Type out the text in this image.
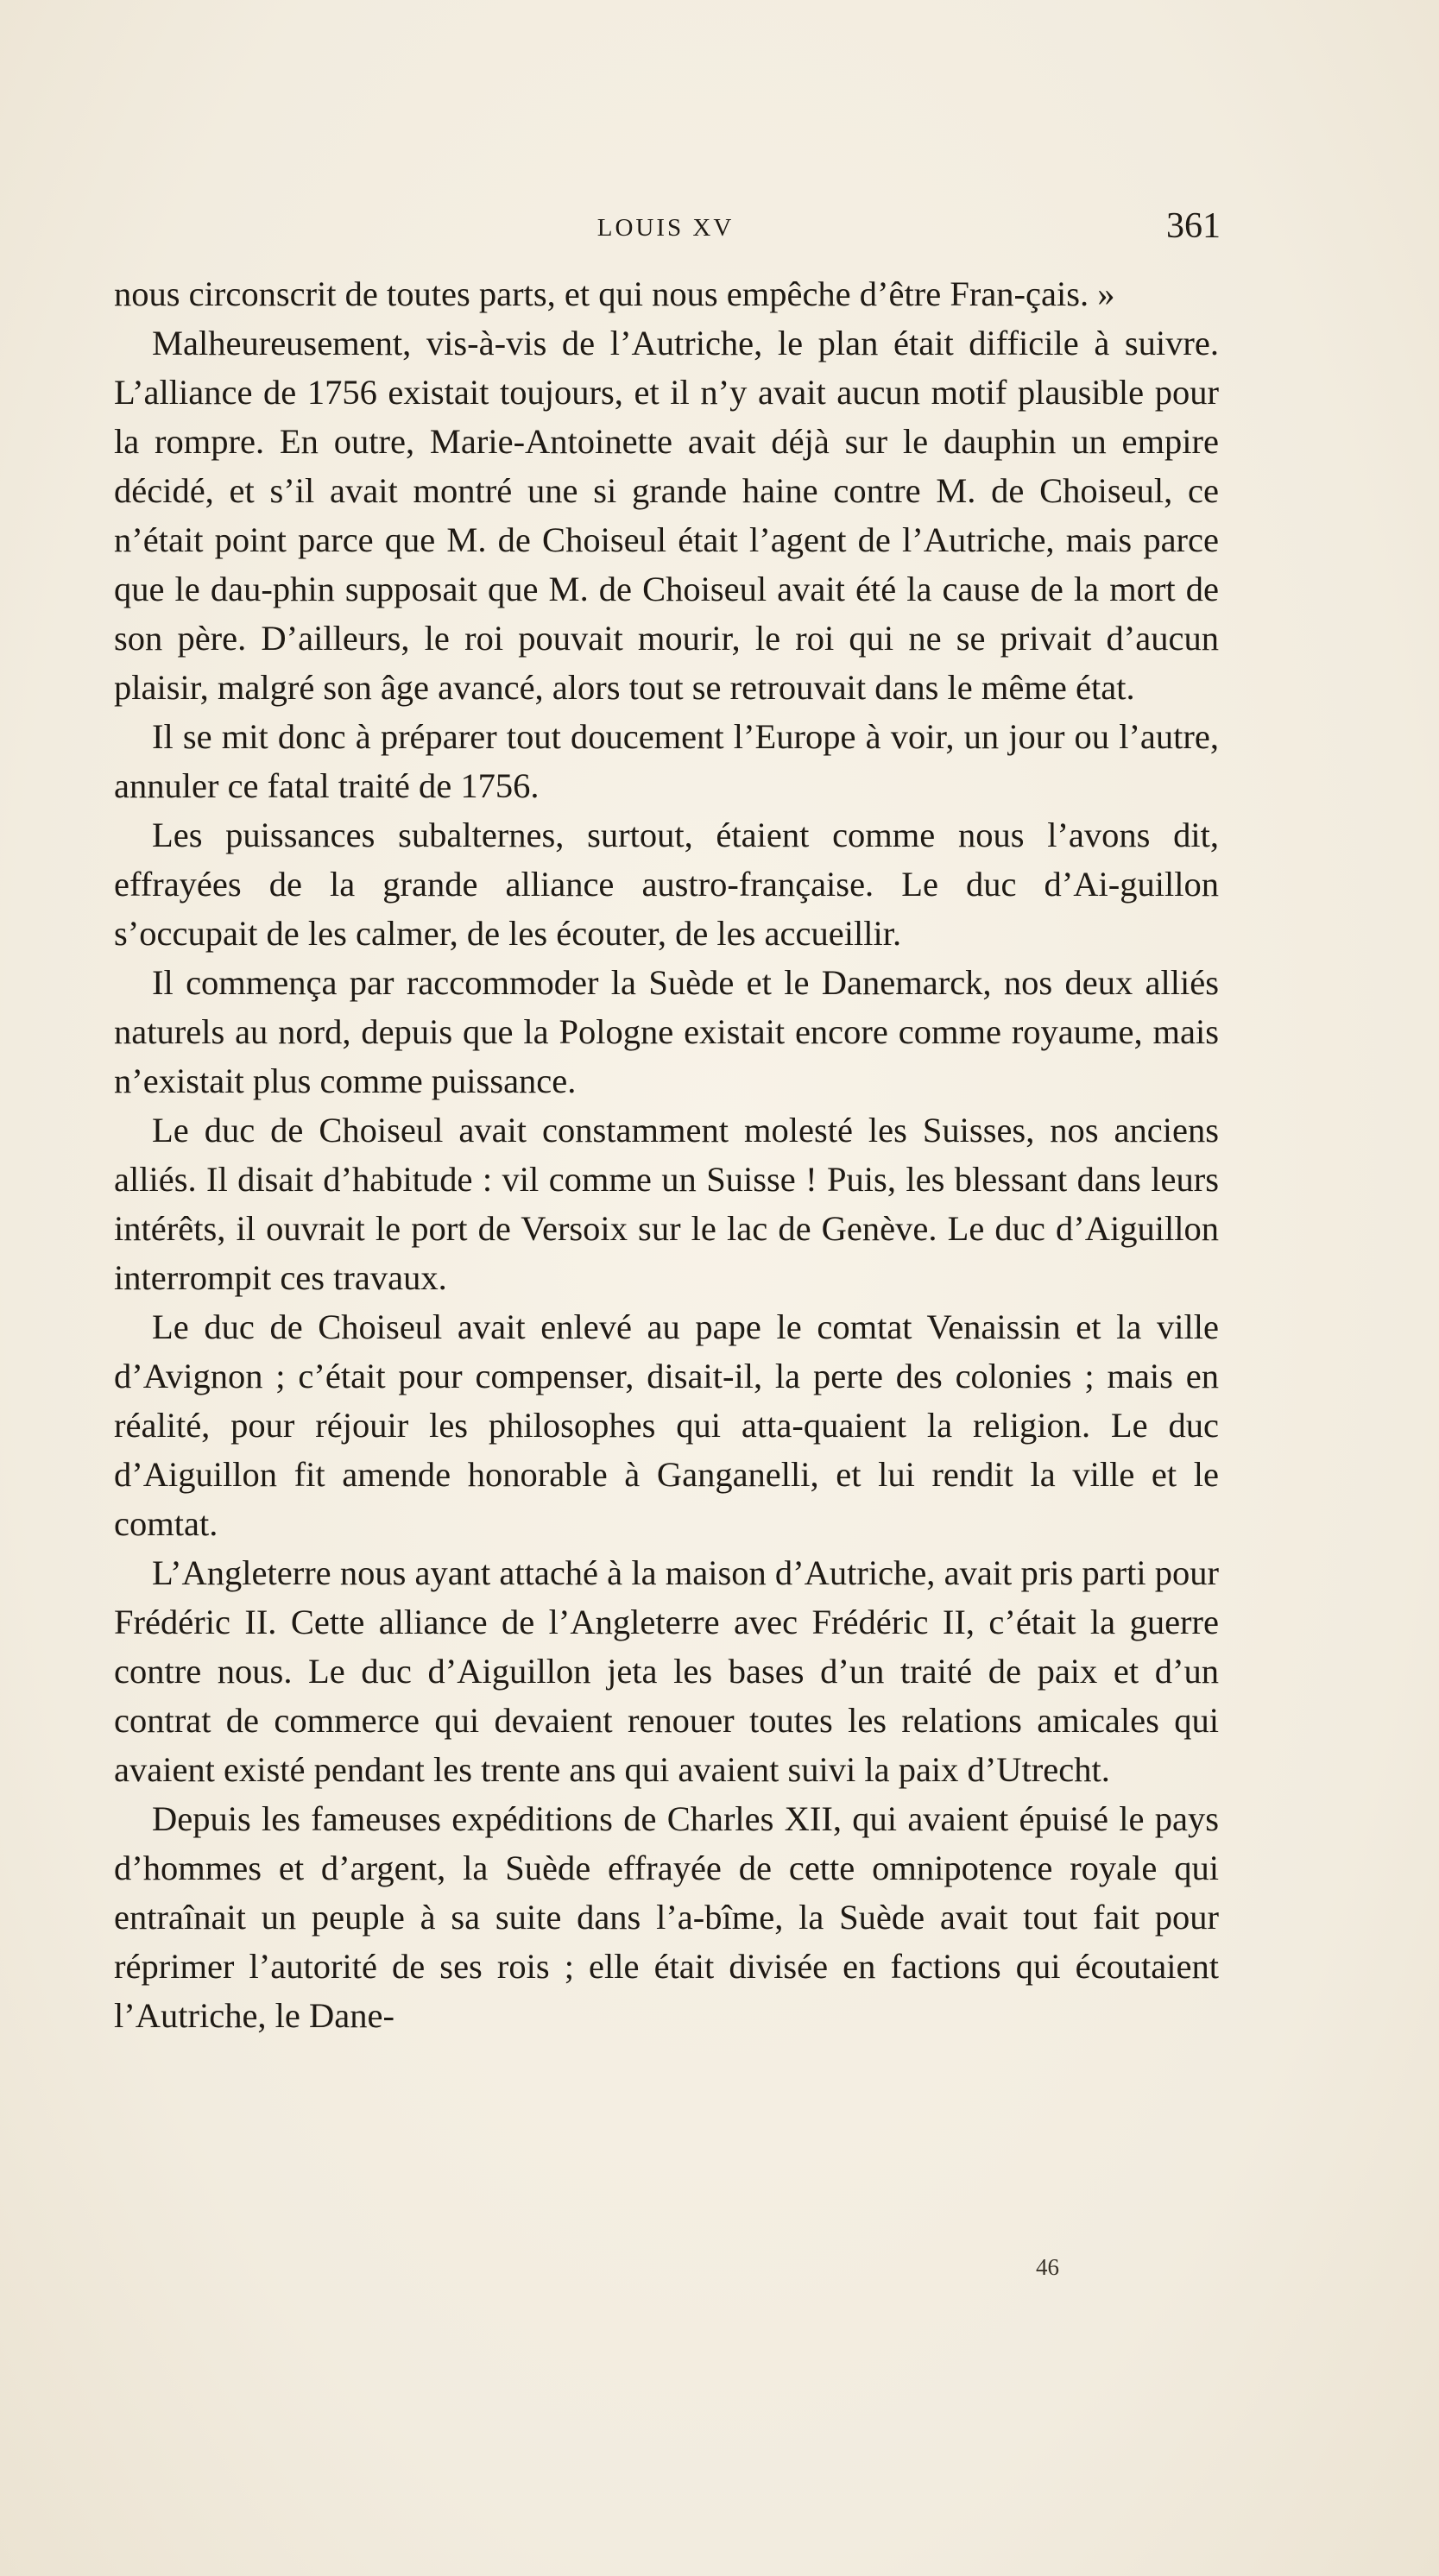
LOUIS XV	361

nous circonscrit de toutes parts, et qui nous empêche d’être Fran-çais. »

Malheureusement, vis-à-vis de l’Autriche, le plan était difficile à suivre. L’alliance de 1756 existait toujours, et il n’y avait aucun motif plausible pour la rompre. En outre, Marie-Antoinette avait déjà sur le dauphin un empire décidé, et s’il avait montré une si grande haine contre M. de Choiseul, ce n’était point parce que M. de Choiseul était l’agent de l’Autriche, mais parce que le dau-phin supposait que M. de Choiseul avait été la cause de la mort de son père. D’ailleurs, le roi pouvait mourir, le roi qui ne se privait d’aucun plaisir, malgré son âge avancé, alors tout se retrouvait dans le même état.

Il se mit donc à préparer tout doucement l’Europe à voir, un jour ou l’autre, annuler ce fatal traité de 1756.

Les puissances subalternes, surtout, étaient comme nous l’avons dit, effrayées de la grande alliance austro-française. Le duc d’Ai-guillon s’occupait de les calmer, de les écouter, de les accueillir.

Il commença par raccommoder la Suède et le Danemarck, nos deux alliés naturels au nord, depuis que la Pologne existait encore comme royaume, mais n’existait plus comme puissance.

Le duc de Choiseul avait constamment molesté les Suisses, nos anciens alliés. Il disait d’habitude : vil comme un Suisse ! Puis, les blessant dans leurs intérêts, il ouvrait le port de Versoix sur le lac de Genève. Le duc d’Aiguillon interrompit ces travaux.

Le duc de Choiseul avait enlevé au pape le comtat Venaissin et la ville d’Avignon ; c’était pour compenser, disait-il, la perte des colonies ; mais en réalité, pour réjouir les philosophes qui atta-quaient la religion. Le duc d’Aiguillon fit amende honorable à Ganganelli, et lui rendit la ville et le comtat.

L’Angleterre nous ayant attaché à la maison d’Autriche, avait pris parti pour Frédéric II. Cette alliance de l’Angleterre avec Frédéric II, c’était la guerre contre nous. Le duc d’Aiguillon jeta les bases d’un traité de paix et d’un contrat de commerce qui devaient renouer toutes les relations amicales qui avaient existé pendant les trente ans qui avaient suivi la paix d’Utrecht.

Depuis les fameuses expéditions de Charles XII, qui avaient épuisé le pays d’hommes et d’argent, la Suède effrayée de cette omnipotence royale qui entraînait un peuple à sa suite dans l’a-bîme, la Suède avait tout fait pour réprimer l’autorité de ses rois ; elle était divisée en factions qui écoutaient l’Autriche, le Dane-

46
